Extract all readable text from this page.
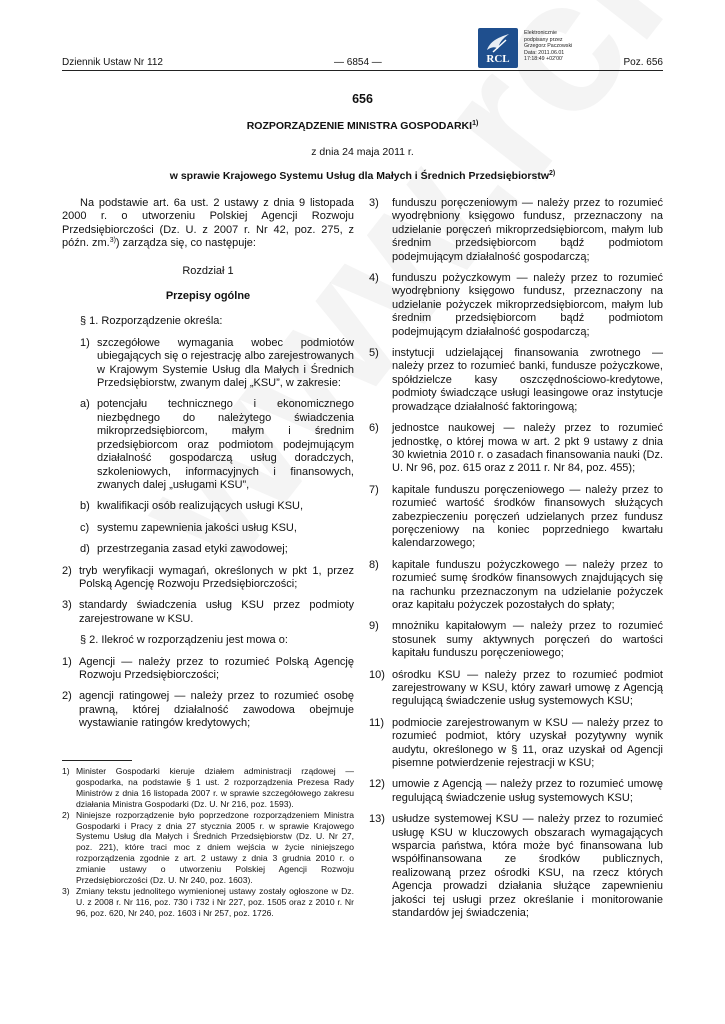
RCL
Elektronicznie
podpisany przez
Grzegorz Paczowski
Data: 2011.06.01
17:18:49 +02'00'
Dziennik Ustaw Nr 112	— 6854 —	Poz. 656
656
ROZPORZĄDZENIE MINISTRA GOSPODARKI$^{1)}$
z dnia 24 maja 2011 r.
w sprawie Krajowego Systemu Usług dla Małych i Średnich Przedsiębiorstw$^{2)}$

Na podstawie art. 6a ust. 2 ustawy z dnia 9 listopada 2000 r. o utworzeniu Polskiej Agencji Rozwoju Przedsiębiorczości (Dz. U. z 2007 r. Nr 42, poz. 275, z późn. zm.$^{3)}$) zarządza się, co następuje:

Rozdział 1

Przepisy ogólne

§ 1. Rozporządzenie określa:

1) szczegółowe wymagania wobec podmiotów ubiegających się o rejestrację albo zarejestrowanych w Krajowym Systemie Usług dla Małych i Średnich Przedsiębiorstw, zwanym dalej „KSU”, w zakresie:
a) potencjału technicznego i ekonomicznego niezbędnego do należytego świadczenia mikroprzedsiębiorcom, małym i średnim przedsiębiorcom oraz podmiotom podejmującym działalność gospodarczą usług doradczych, szkoleniowych, informacyjnych i finansowych, zwanych dalej „usługami KSU”,
b) kwalifikacji osób realizujących usługi KSU,
c) systemu zapewnienia jakości usług KSU,
d) przestrzegania zasad etyki zawodowej;
2) tryb weryfikacji wymagań, określonych w pkt 1, przez Polską Agencję Rozwoju Przedsiębiorczości;
3) standardy świadczenia usług KSU przez podmioty zarejestrowane w KSU.

§ 2. Ilekroć w rozporządzeniu jest mowa o:

1) Agencji — należy przez to rozumieć Polską Agencję Rozwoju Przedsiębiorczości;
2) agencji ratingowej — należy przez to rozumieć osobę prawną, której działalność zawodowa obejmuje wystawianie ratingów kredytowych;
3)	funduszu poręczeniowym — należy przez to rozumieć wyodrębniony księgowo fundusz, przeznaczony na udzielanie poręczeń mikroprzedsiębiorcom, małym lub średnim przedsiębiorcom bądź podmiotom podejmującym działalność gospodarczą;
4)	funduszu pożyczkowym — należy przez to rozumieć wyodrębniony księgowo fundusz, przeznaczony na udzielanie pożyczek mikroprzedsiębiorcom, małym lub średnim przedsiębiorcom bądź podmiotom podejmującym działalność gospodarczą;
5)	instytucji udzielającej finansowania zwrotnego — należy przez to rozumieć banki, fundusze pożyczkowe, spółdzielcze kasy oszczędnościowo-kredytowe, podmioty świadczące usługi leasingowe oraz instytucje prowadzące działalność faktoringową;
6)	jednostce naukowej — należy przez to rozumieć jednostkę, o której mowa w art. 2 pkt 9 ustawy z dnia 30 kwietnia 2010 r. o zasadach finansowania nauki (Dz. U. Nr 96, poz. 615 oraz z 2011 r. Nr 84, poz. 455);
7)	kapitale funduszu poręczeniowego — należy przez to rozumieć wartość środków finansowych służących zabezpieczeniu poręczeń udzielanych przez fundusz poręczeniowy na koniec poprzedniego kwartału kalendarzowego;
8)	kapitale funduszu pożyczkowego — należy przez to rozumieć sumę środków finansowych znajdujących się na rachunku przeznaczonym na udzielanie pożyczek oraz kapitału pożyczek pozostałych do spłaty;
9)	mnożniku kapitałowym — należy przez to rozumieć stosunek sumy aktywnych poręczeń do wartości kapitału funduszu poręczeniowego;
10) ośrodku KSU — należy przez to rozumieć podmiot zarejestrowany w KSU, który zawarł umowę z Agencją regulującą świadczenie usług systemowych KSU;
11) podmiocie zarejestrowanym w KSU — należy przez to rozumieć podmiot, który uzyskał pozytywny wynik audytu, określonego w § 11, oraz uzyskał od Agencji pisemne potwierdzenie rejestracji w KSU;
12) umowie z Agencją — należy przez to rozumieć umowę regulującą świadczenie usług systemowych KSU;
13) usłudze systemowej KSU — należy przez to rozumieć usługę KSU w kluczowych obszarach wymagających wsparcia państwa, która może być finansowana lub współfinansowana ze środków publicznych, realizowaną przez ośrodki KSU, na rzecz których Agencja prowadzi działania służące zapewnieniu jakości tej usługi przez określanie i monitorowanie standardów jej świadczenia;
1) Minister Gospodarki kieruje działem administracji rządowej — gospodarka, na podstawie § 1 ust. 2 rozporządzenia Prezesa Rady Ministrów z dnia 16 listopada 2007 r. w sprawie szczegółowego zakresu działania Ministra Gospodarki (Dz. U. Nr 216, poz. 1593).
2) Niniejsze rozporządzenie było poprzedzone rozporządzeniem Ministra Gospodarki i Pracy z dnia 27 stycznia 2005 r. w sprawie Krajowego Systemu Usług dla Małych i Średnich Przedsiębiorstw (Dz. U. Nr 27, poz. 221), które traci moc z dniem wejścia w życie niniejszego rozporządzenia zgodnie z art. 2 ustawy z dnia 3 grudnia 2010 r. o zmianie ustawy o utworzeniu Polskiej Agencji Rozwoju Przedsiębiorczości (Dz. U. Nr 240, poz. 1603).
3) Zmiany tekstu jednolitego wymienionej ustawy zostały ogłoszone w Dz. U. z 2008 r. Nr 116, poz. 730 i 732 i Nr 227, poz. 1505 oraz z 2010 r. Nr 96, poz. 620, Nr 240, poz. 1603 i Nr 257, poz. 1726.
